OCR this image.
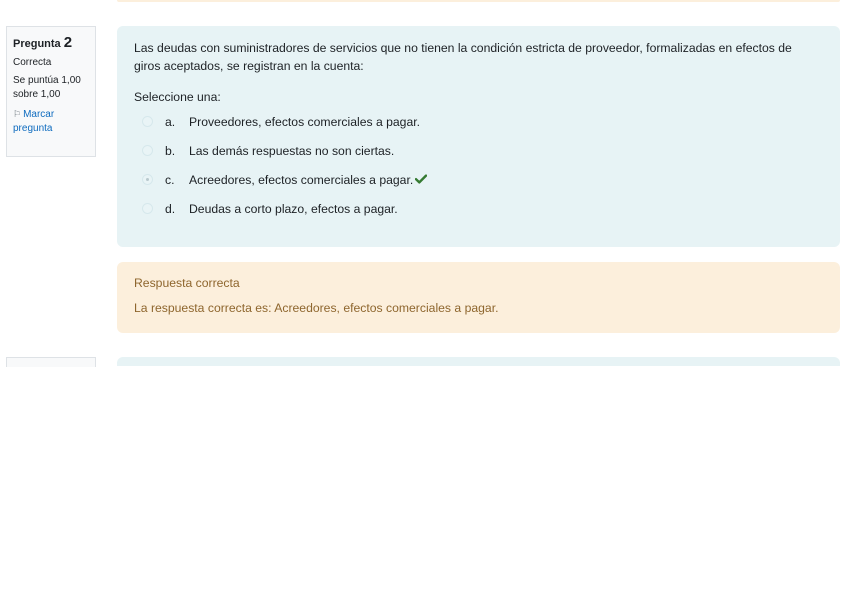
Pregunta 2
Correcta
Se puntúa 1,00 sobre 1,00
⚐ Marcar pregunta
Las deudas con suministradores de servicios que no tienen la condición estricta de proveedor, formalizadas en efectos de giros aceptados, se registran en la cuenta:
Seleccione una:
a.	Proveedores, efectos comerciales a pagar.
b.	Las demás respuestas no son ciertas.
c.	Acreedores, efectos comerciales a pagar.
d.	Deudas a corto plazo, efectos a pagar.
Respuesta correcta
La respuesta correcta es: Acreedores, efectos comerciales a pagar.
